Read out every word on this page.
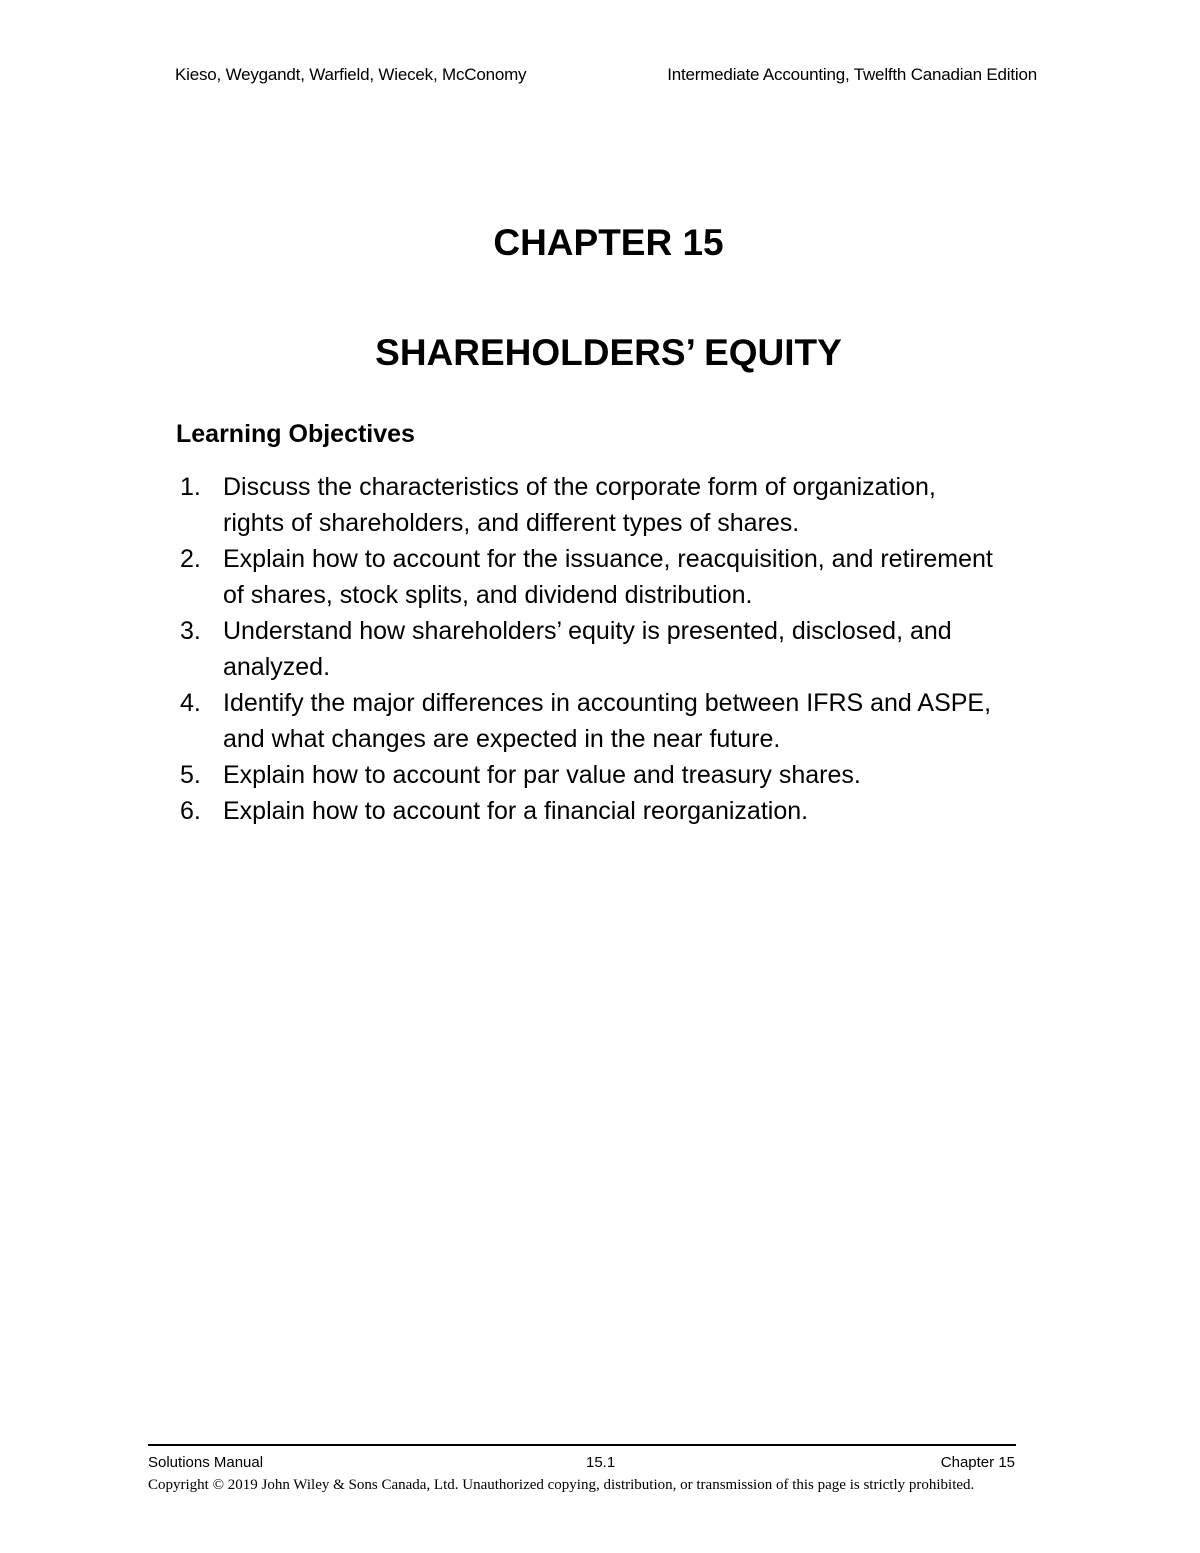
Kieso, Weygandt, Warfield, Wiecek, McConomy	Intermediate Accounting, Twelfth Canadian Edition
CHAPTER 15
SHAREHOLDERS’ EQUITY
Learning Objectives
1. Discuss the characteristics of the corporate form of organization, rights of shareholders, and different types of shares.
2. Explain how to account for the issuance, reacquisition, and retirement of shares, stock splits, and dividend distribution.
3. Understand how shareholders’ equity is presented, disclosed, and analyzed.
4. Identify the major differences in accounting between IFRS and ASPE, and what changes are expected in the near future.
5. Explain how to account for par value and treasury shares.
6. Explain how to account for a financial reorganization.
Solutions Manual	15.1	Chapter 15
Copyright © 2019 John Wiley & Sons Canada, Ltd. Unauthorized copying, distribution, or transmission of this page is strictly prohibited.
